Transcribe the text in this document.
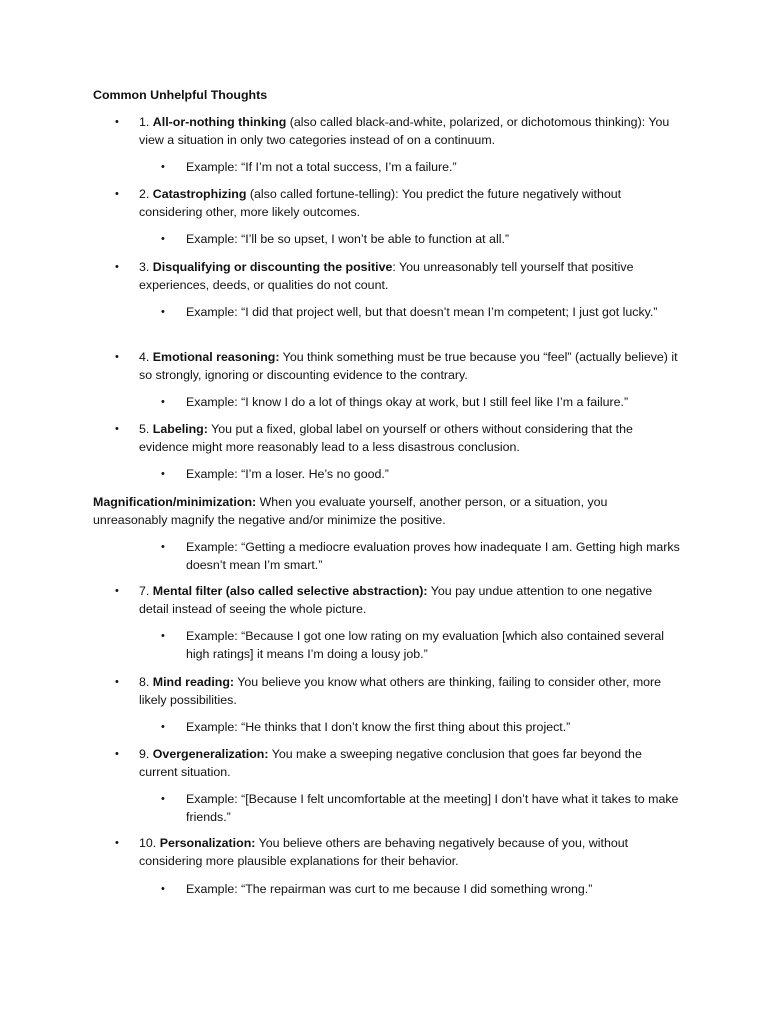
Common Unhelpful Thoughts
• 1. All-or-nothing thinking (also called black-and-white, polarized, or dichotomous thinking): You view a situation in only two categories instead of on a continuum.
• Example: “If I’m not a total success, I’m a failure.”
• 2. Catastrophizing (also called fortune-telling): You predict the future negatively without considering other, more likely outcomes.
• Example: “I’ll be so upset, I won’t be able to function at all.”
• 3. Disqualifying or discounting the positive: You unreasonably tell yourself that positive experiences, deeds, or qualities do not count.
• Example: “I did that project well, but that doesn’t mean I’m competent; I just got lucky.”
• 4. Emotional reasoning: You think something must be true because you “feel” (actually believe) it so strongly, ignoring or discounting evidence to the contrary.
• Example: “I know I do a lot of things okay at work, but I still feel like I’m a failure.”
• 5. Labeling: You put a fixed, global label on yourself or others without considering that the evidence might more reasonably lead to a less disastrous conclusion.
• Example: “I’m a loser. He’s no good.”
Magnification/minimization: When you evaluate yourself, another person, or a situation, you unreasonably magnify the negative and/or minimize the positive.
• Example: “Getting a mediocre evaluation proves how inadequate I am. Getting high marks doesn’t mean I’m smart.”
• 7. Mental filter (also called selective abstraction): You pay undue attention to one negative detail instead of seeing the whole picture.
• Example: “Because I got one low rating on my evaluation [which also contained several high ratings] it means I’m doing a lousy job.”
• 8. Mind reading: You believe you know what others are thinking, failing to consider other, more likely possibilities.
• Example: “He thinks that I don’t know the first thing about this project.”
• 9. Overgeneralization: You make a sweeping negative conclusion that goes far beyond the current situation.
• Example: “[Because I felt uncomfortable at the meeting] I don’t have what it takes to make friends.”
• 10. Personalization: You believe others are behaving negatively because of you, without considering more plausible explanations for their behavior.
• Example: “The repairman was curt to me because I did something wrong.”
